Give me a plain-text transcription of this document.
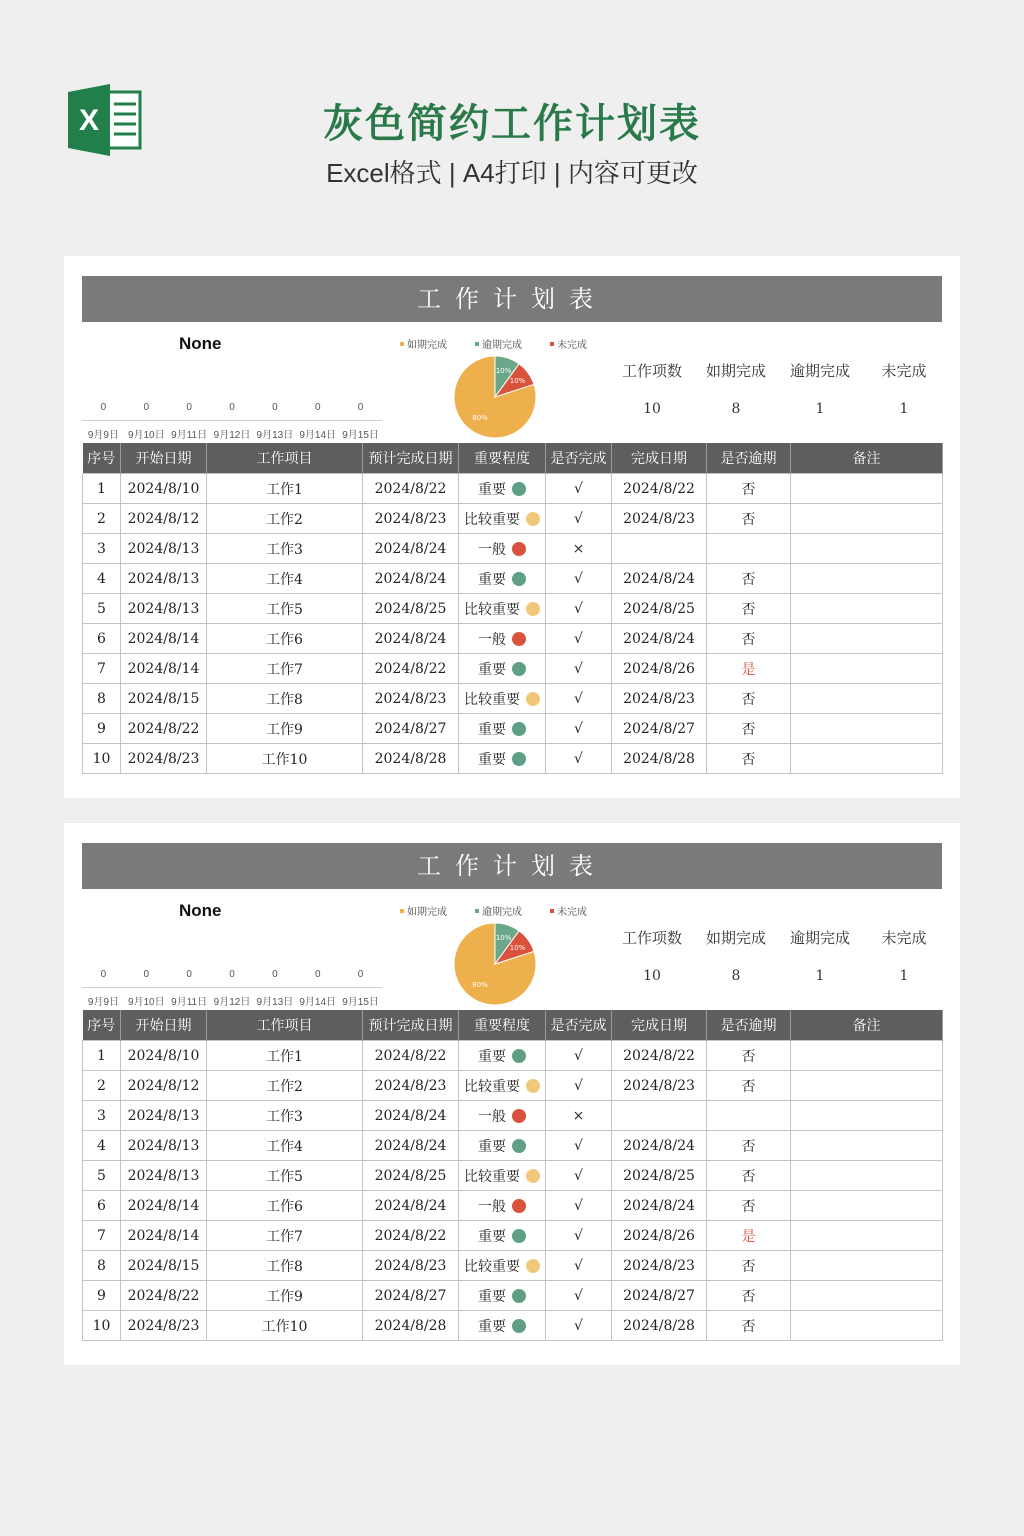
X	灰色简约工作计划表
Excel格式 | A4打印 | 内容可更改
工作计划表
None
0	0	0	0	0	0	0
9月9日 9月10日 9月11日 9月12日 9月13日 9月14日 9月15日
如期完成	逾期完成	未完成
80%
10%
10%
工作项数	如期完成	逾期完成	未完成
10	8	1	1
序号	开始日期	工作项目	预计完成日期	重要程度	是否完成	完成日期	是否逾期	备注
1	2024/8/10	工作1	2024/8/22	重要	√	2024/8/22	否	
2	2024/8/12	工作2	2024/8/23	比较重要	√	2024/8/23	否	
3	2024/8/13	工作3	2024/8/24	一般	×			
4	2024/8/13	工作4	2024/8/24	重要	√	2024/8/24	否	
5	2024/8/13	工作5	2024/8/25	比较重要	√	2024/8/25	否	
6	2024/8/14	工作6	2024/8/24	一般	√	2024/8/24	否	
7	2024/8/14	工作7	2024/8/22	重要	√	2024/8/26	是	
8	2024/8/15	工作8	2024/8/23	比较重要	√	2024/8/23	否	
9	2024/8/22	工作9	2024/8/27	重要	√	2024/8/27	否	
10	2024/8/23	工作10	2024/8/28	重要	√	2024/8/28	否	
工作计划表
None
0	0	0	0	0	0	0
9月9日 9月10日 9月11日 9月12日 9月13日 9月14日 9月15日
如期完成	逾期完成	未完成
80%
10%
10%
工作项数	如期完成	逾期完成	未完成
10	8	1	1
序号	开始日期	工作项目	预计完成日期	重要程度	是否完成	完成日期	是否逾期	备注
1	2024/8/10	工作1	2024/8/22	重要	√	2024/8/22	否	
2	2024/8/12	工作2	2024/8/23	比较重要	√	2024/8/23	否	
3	2024/8/13	工作3	2024/8/24	一般	×			
4	2024/8/13	工作4	2024/8/24	重要	√	2024/8/24	否	
5	2024/8/13	工作5	2024/8/25	比较重要	√	2024/8/25	否	
6	2024/8/14	工作6	2024/8/24	一般	√	2024/8/24	否	
7	2024/8/14	工作7	2024/8/22	重要	√	2024/8/26	是	
8	2024/8/15	工作8	2024/8/23	比较重要	√	2024/8/23	否	
9	2024/8/22	工作9	2024/8/27	重要	√	2024/8/27	否	
10	2024/8/23	工作10	2024/8/28	重要	√	2024/8/28	否	
